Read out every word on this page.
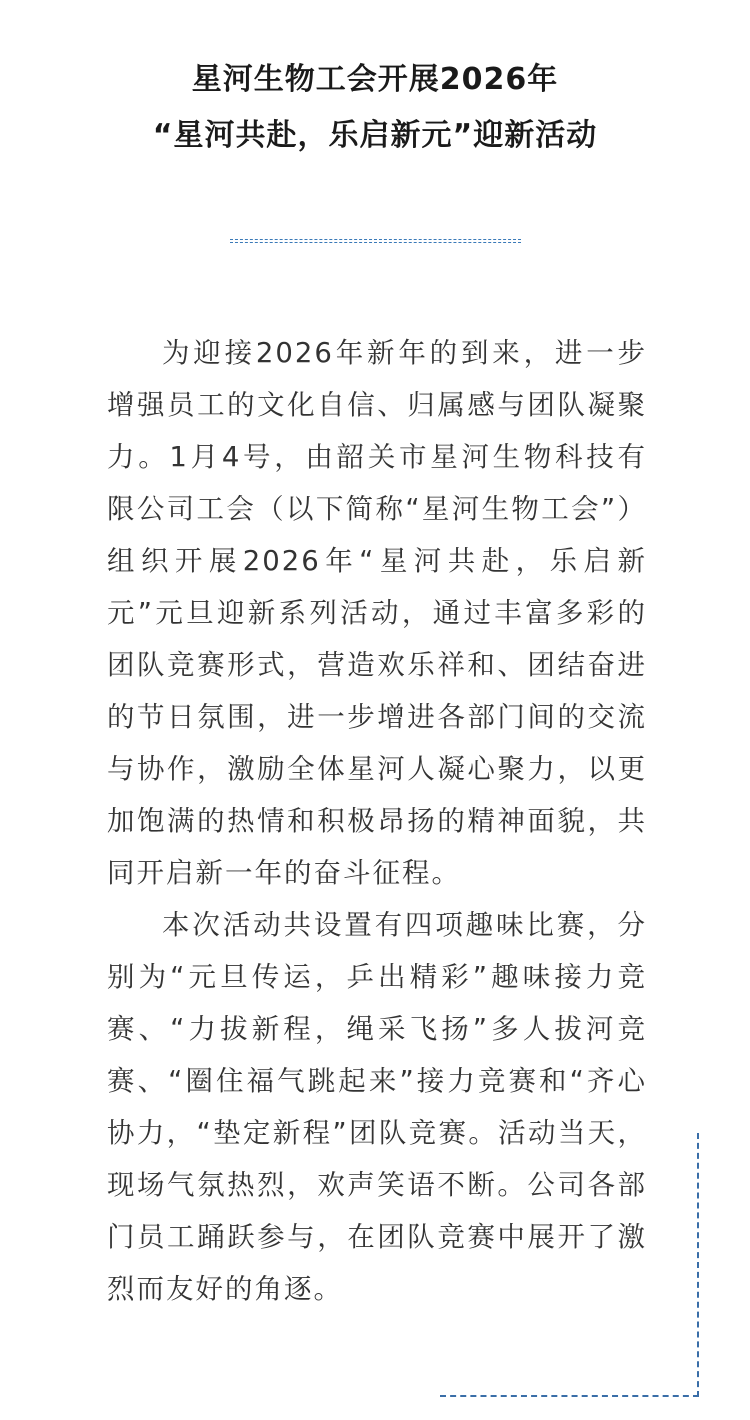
星河生物工会开展2026年
“星河共赴，乐启新元”迎新活动

为迎接2026年新年的到来，进一步增强员工的文化自信、归属感与团队凝聚力。1月4号，由韶关市星河生物科技有限公司工会（以下简称“星河生物工会”）组织开展2026年“星河共赴，乐启新元”元旦迎新系列活动，通过丰富多彩的团队竞赛形式，营造欢乐祥和、团结奋进的节日氛围，进一步增进各部门间的交流与协作，激励全体星河人凝心聚力，以更加饱满的热情和积极昂扬的精神面貌，共同开启新一年的奋斗征程。

本次活动共设置有四项趣味比赛，分别为“元旦传运，乒出精彩”趣味接力竞赛、“力拔新程，绳采飞扬”多人拔河竞赛、“圈住福气跳起来”接力竞赛和“齐心协力，“垫定新程”团队竞赛。活动当天，现场气氛热烈，欢声笑语不断。公司各部门员工踊跃参与，在团队竞赛中展开了激烈而友好的角逐。
